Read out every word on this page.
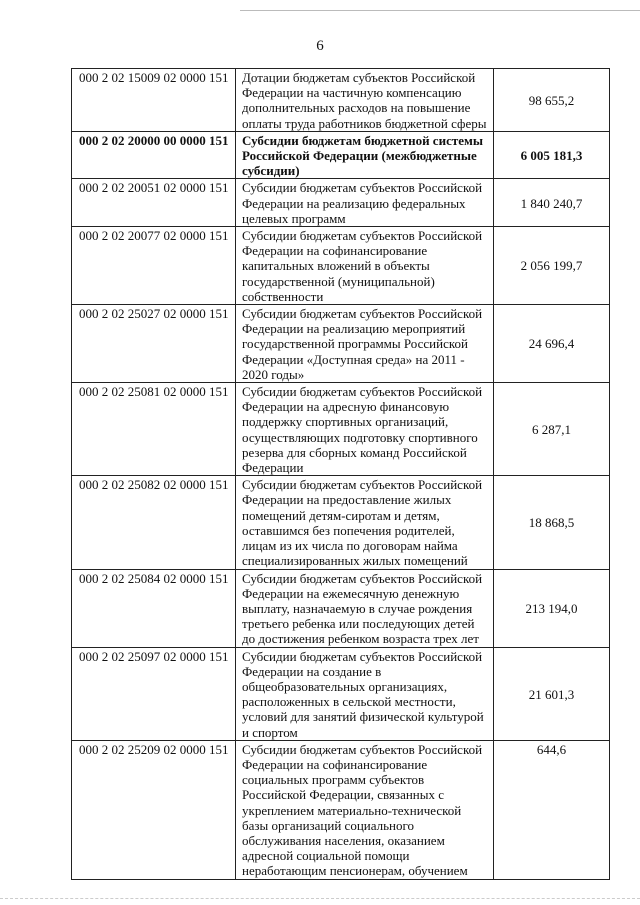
6
000 2 02 15009 02 0000 151	Дотации бюджетам субъектов Российской Федерации на частичную компенсацию дополнительных расходов на повышение оплаты труда работников бюджетной сферы	98 655,2
000 2 02 20000 00 0000 151	Субсидии бюджетам бюджетной системы Российской Федерации (межбюджетные субсидии)	6 005 181,3
000 2 02 20051 02 0000 151	Субсидии бюджетам субъектов Российской Федерации на реализацию федеральных целевых программ	1 840 240,7
000 2 02 20077 02 0000 151	Субсидии бюджетам субъектов Российской Федерации на софинансирование капитальных вложений в объекты государственной (муниципальной) собственности	2 056 199,7
000 2 02 25027 02 0000 151	Субсидии бюджетам субъектов Российской Федерации на реализацию мероприятий государственной программы Российской Федерации «Доступная среда» на 2011 - 2020 годы»	24 696,4
000 2 02 25081 02 0000 151	Субсидии бюджетам субъектов Российской Федерации на адресную финансовую поддержку спортивных организаций, осуществляющих подготовку спортивного резерва для сборных команд Российской Федерации	6 287,1
000 2 02 25082 02 0000 151	Субсидии бюджетам субъектов Российской Федерации на предоставление жилых помещений детям-сиротам и детям, оставшимся без попечения родителей, лицам из их числа по договорам найма специализированных жилых помещений	18 868,5
000 2 02 25084 02 0000 151	Субсидии бюджетам субъектов Российской Федерации на ежемесячную денежную выплату, назначаемую в случае рождения третьего ребенка или последующих детей до достижения ребенком возраста трех лет	213 194,0
000 2 02 25097 02 0000 151	Субсидии бюджетам субъектов Российской Федерации на создание в общеобразовательных организациях, расположенных в сельской местности, условий для занятий физической культурой и спортом	21 601,3
000 2 02 25209 02 0000 151	Субсидии бюджетам субъектов Российской Федерации на софинансирование социальных программ субъектов Российской Федерации, связанных с укреплением материально-технической базы организаций социального обслуживания населения, оказанием адресной социальной помощи неработающим пенсионерам, обучением	644,6
